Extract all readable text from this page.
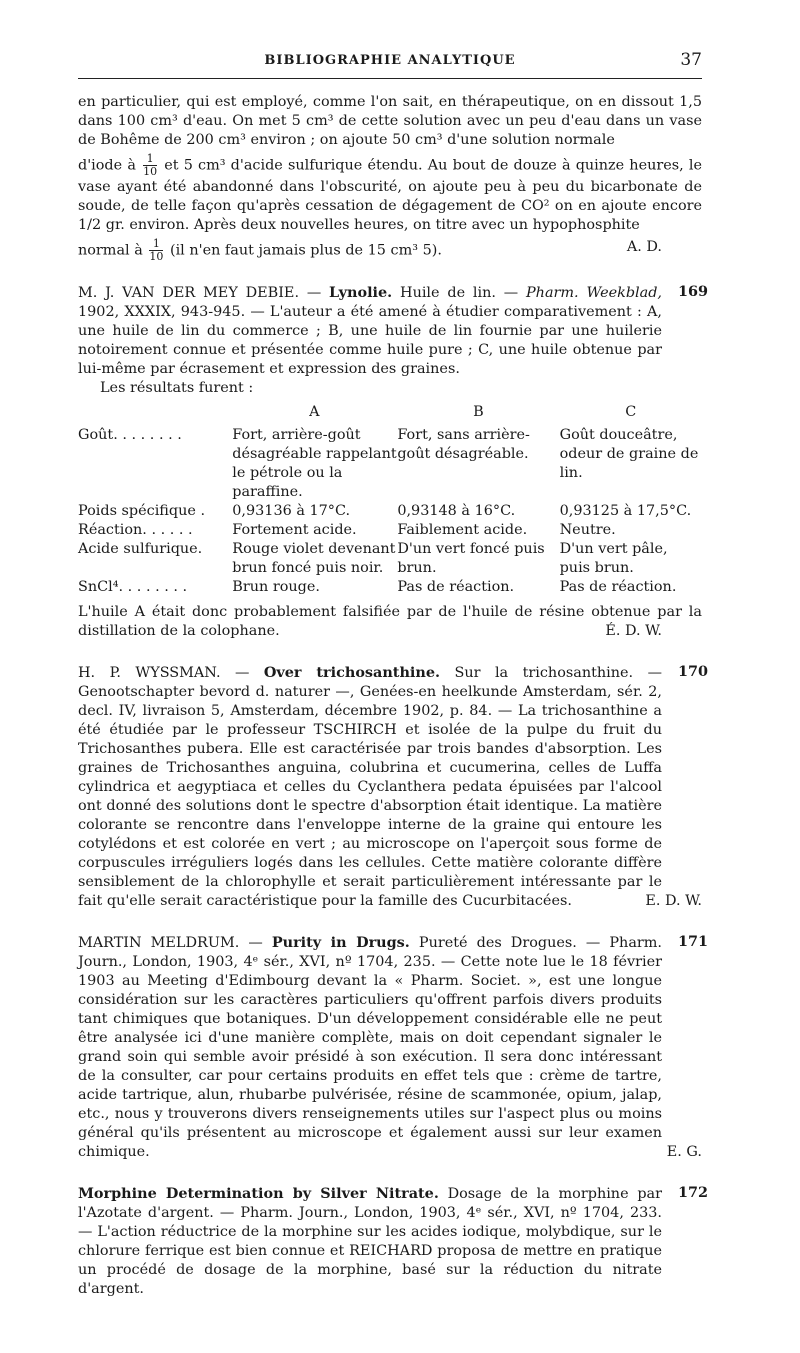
BIBLIOGRAPHIE ANALYTIQUE	37

en particulier, qui est employé, comme l'on sait, en thérapeutique, on en dissout 1,5 dans 100 cm³ d'eau. On met 5 cm³ de cette solution avec un peu d'eau dans un vase de Bohême de 200 cm³ environ ; on ajoute 50 cm³ d'une solution normale

d'iode à $\frac{1}{10}$ et 5 cm³ d'acide sulfurique étendu. Au bout de douze à quinze heures, le vase ayant été abandonné dans l'obscurité, on ajoute peu à peu du bicarbonate de soude, de telle façon qu'après cessation de dégagement de CO² on en ajoute encore 1/2 gr. environ. Après deux nouvelles heures, on titre avec un hypophosphite

normal à $\frac{1}{10} (il$ n'en faut jamais plus de 15 cm³ 5).	A. D.

169

M. J. VAN DER MEY DEBIE. — Lynolie. Huile de lin. — Pharm. Weekblad, 1902, XXXIX, 943-945. — L'auteur a été amené à étudier comparativement : A, une huile de lin du commerce ; B, une huile de lin fournie par une huilerie notoirement connue et présentée comme huile pure ; C, une huile obtenue par lui-même par écrasement et expression des graines.

Les résultats furent :

	A	B	C
Goût. . . . . . . .	Fort, arrière-goût désagréable rappelant le pétrole ou la paraffine.	Fort, sans arrière-goût désagréable.	Goût douceâtre, odeur de graine de lin.
Poids spécifique .	0,93136 à 17°C.	0,93148 à 16°C.	0,93125 à 17,5°C.
Réaction. . . . . .	Fortement acide.	Faiblement acide.	Neutre.
Acide sulfurique.	Rouge violet devenant brun foncé puis noir.	D'un vert foncé puis brun.	D'un vert pâle, puis brun.
SnCl⁴. . . . . . . .	Brun rouge.	Pas de réaction.	Pas de réaction.

L'huile A était donc probablement falsifiée par de l'huile de résine obtenue par la distillation de la colophane.	É. D. W.

170

H. P. WYSSMAN. — Over trichosanthine. Sur la trichosanthine. — Genootschapter bevord d. naturer —, Genées-en heelkunde Amsterdam, sér. 2, decl. IV, livraison 5, Amsterdam, décembre 1902, p. 84. — La trichosanthine a été étudiée par le professeur TSCHIRCH et isolée de la pulpe du fruit du Trichosanthes pubera. Elle est caractérisée par trois bandes d'absorption. Les graines de Trichosanthes anguina, colubrina et cucumerina, celles de Luffa cylindrica et aegyptiaca et celles du Cyclanthera pedata épuisées par l'alcool ont donné des solutions dont le spectre d'absorption était identique. La matière colorante se rencontre dans l'enveloppe interne de la graine qui entoure les cotylédons et est colorée en vert ; au microscope on l'aperçoit sous forme de corpuscules irréguliers logés dans les cellules. Cette matière colorante diffère sensiblement de la chlorophylle et serait particulièrement intéressante par le fait qu'elle serait caractéristique pour la famille des Cucurbitacées.	E. D. W.

171

MARTIN MELDRUM. — Purity in Drugs. Pureté des Drogues. — Pharm. Journ., London, 1903, 4ᵉ sér., XVI, nº 1704, 235. — Cette note lue le 18 février 1903 au Meeting d'Edimbourg devant la « Pharm. Societ. », est une longue considération sur les caractères particuliers qu'offrent parfois divers produits tant chimiques que botaniques. D'un développement considérable elle ne peut être analysée ici d'une manière complète, mais on doit cependant signaler le grand soin qui semble avoir présidé à son exécution. Il sera donc intéressant de la consulter, car pour certains produits en effet tels que : crème de tartre, acide tartrique, alun, rhubarbe pulvérisée, résine de scammonée, opium, jalap, etc., nous y trouverons divers renseignements utiles sur l'aspect plus ou moins général qu'ils présentent au microscope et également aussi sur leur examen chimique.	E. G.

172

Morphine Determination by Silver Nitrate. Dosage de la morphine par l'Azotate d'argent. — Pharm. Journ., London, 1903, 4ᵉ sér., XVI, nº 1704, 233. — L'action réductrice de la morphine sur les acides iodique, molybdique, sur le chlorure ferrique est bien connue et REICHARD proposa de mettre en pratique un procédé de dosage de la morphine, basé sur la réduction du nitrate d'argent.
